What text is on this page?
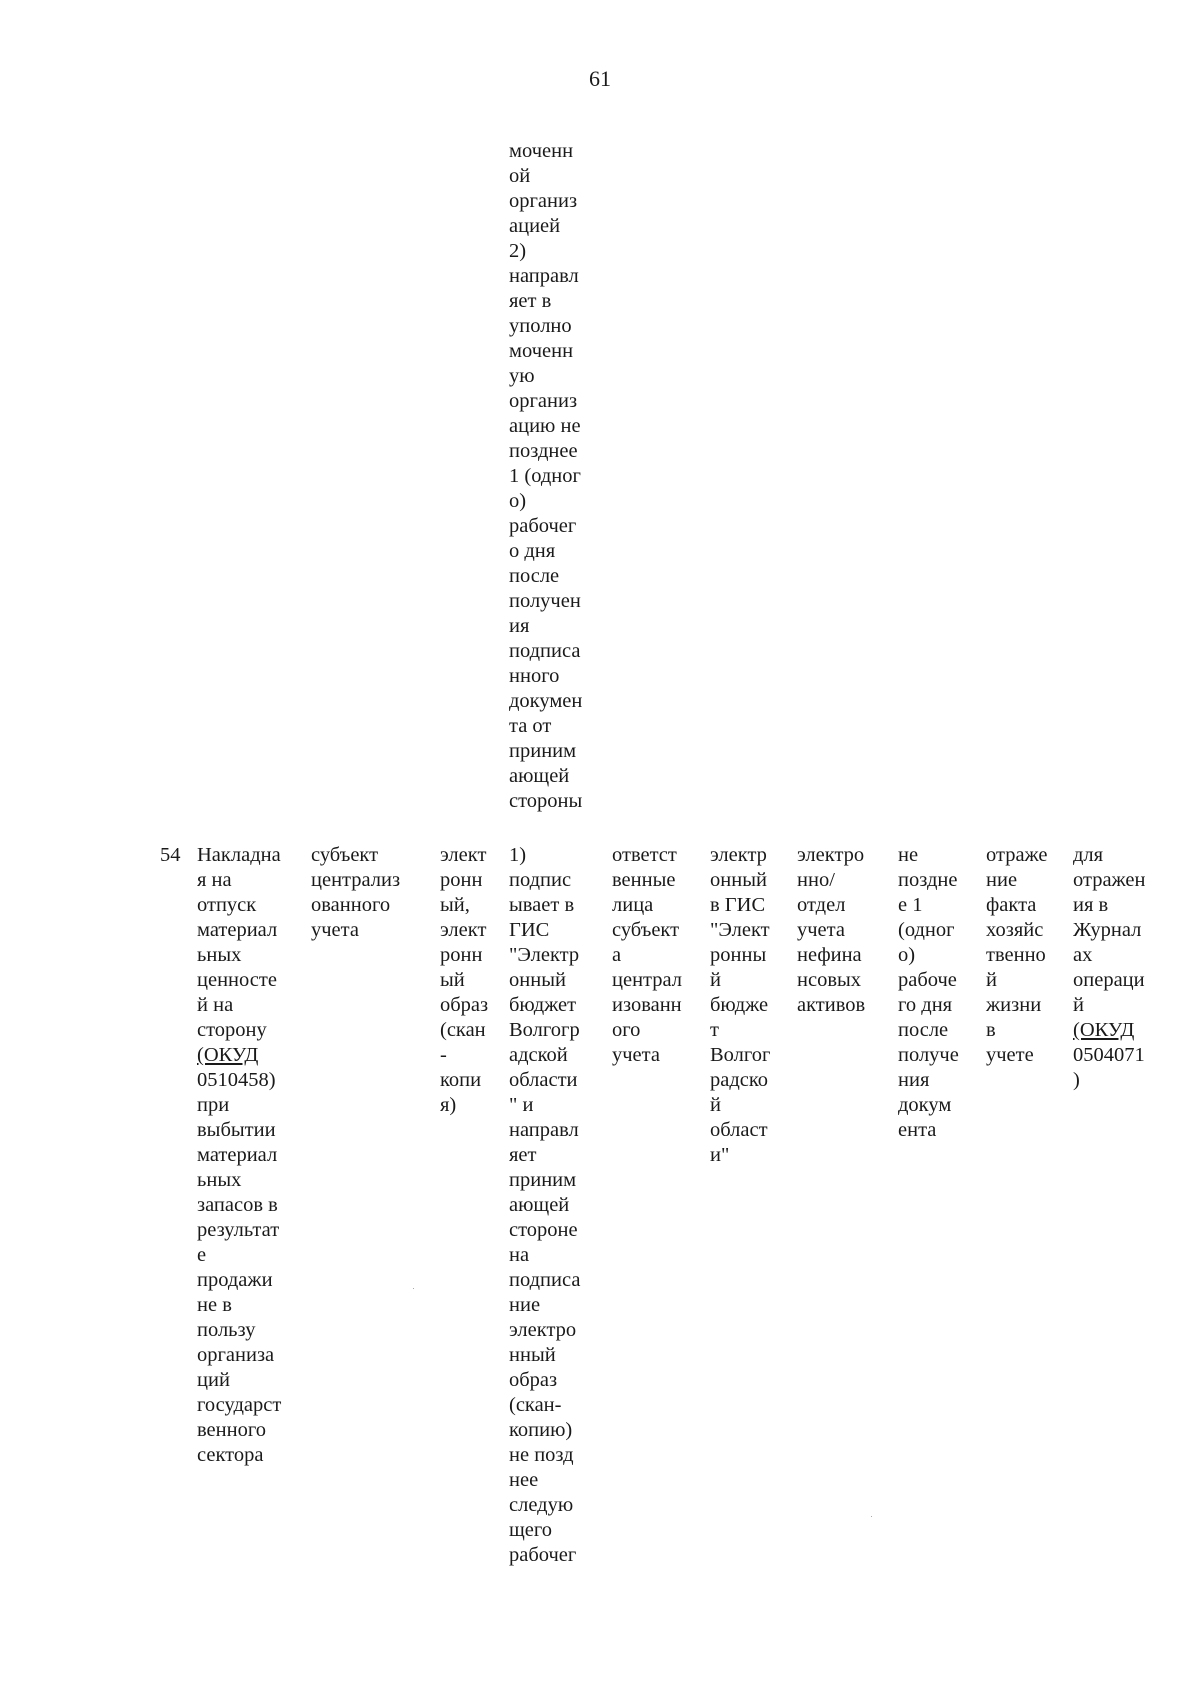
61
моченн
ой
организ
ацией
2)
направл
яет в
уполно
моченн
ую
организ
ацию не
позднее
1 (одног
о)
рабочег
о дня
после
получен
ия
подписа
нного
докумен
та от
приним
ающей
стороны
54 Накладна
я на
отпуск
материал
ьных
ценносте
й на
сторону
(ОКУД
0510458)
при
выбытии
материал
ьных
запасов в
результат
е
продажи
не в
пользу
организа
ций
государст
венного
сектора
субъект
централиз
ованного
учета
элект
ронн
ый,
элект
ронн
ый
образ
(скан
-
копи
я)
1)
подпис
ывает в
ГИС
"Электр
онный
бюджет
Волгогр
адской
области
" и
направл
яет
приним
ающей
стороне
на
подписа
ние
электро
нный
образ
(скан-
копию)
не позд
нее
следую
щего
рабочег
ответст
венные
лица
субъект
а
централ
изованн
ого
учета
электр
онный
в ГИС
"Элект
ронны
й
бюдже
т
Волгог
радско
й
област
и"
электро
нно/
отдел
учета
нефина
нсовых
активов
не
поздне
е 1
(одног
о)
рабоче
го дня
после
получе
ния
докум
ента
отраже
ние
факта
хозяйс
твенно
й
жизни
в
учете
для
отражен
ия в
Журнал
ах
операци
й
(ОКУД
0504071
)
